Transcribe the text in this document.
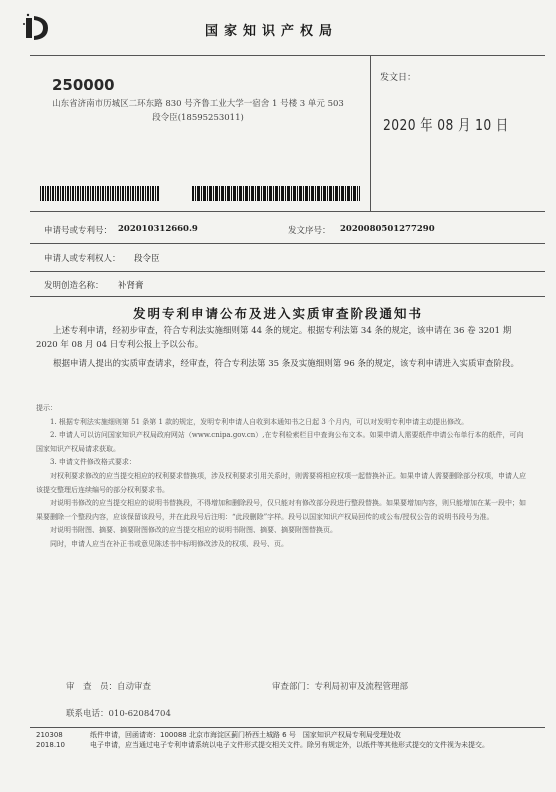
国家知识产权局
250000
山东省济南市历城区二环东路 830 号齐鲁工业大学一宿舍 1 号楼 3 单元 503
段令臣(18595253011)
发文日：
2020 年 08 月 10 日
申请号或专利号： 202010312660.9	发文序号： 2020080501277290
申请人或专利权人： 段令臣
发明创造名称： 补肾膏
发明专利申请公布及进入实质审查阶段通知书
上述专利申请，经初步审查，符合专利法实施细则第 44 条的规定。根据专利法第 34 条的规定，该申请在 36 卷 3201 期 2020 年 08 月 04 日专利公报上予以公布。
根据申请人提出的实质审查请求，经审查，符合专利法第 35 条及实施细则第 96 条的规定，该专利申请进入实质审查阶段。

提示：

1. 根据专利法实施细则第 51 条第 1 款的规定，发明专利申请人自收到本通知书之日起 3 个月内，可以对发明专利申请主动提出修改。

2. 申请人可以访问国家知识产权局政府网站（www.cnipa.gov.cn）,在专利检索栏目中查询公布文本。如果申请人需要纸件申请公布单行本的纸件，可向国家知识产权局请求获取。

3. 申请文件修改格式要求：

对权利要求修改的应当提交相应的权利要求替换项，涉及权利要求引用关系时，则需要将相应权项一起替换补正。如果申请人需要删除部分权项，申请人应该提交整理后连续编号的部分权利要求书。

对说明书修改的应当提交相应的说明书替换段，不得增加和删除段号，仅只能对有修改部分段进行整段替换。如果要增加内容，则只能增加在某一段中；如果要删除一个整段内容，应该保留该段号，并在此段号后注明：“此段删除”字样。段号以国家知识产权局回传的或公布/授权公告的说明书段号为准。

对说明书附图、摘要、摘要附图修改的应当提交相应的说明书附图、摘要、摘要附图替换页。

同时，申请人应当在补正书或意见陈述书中标明修改涉及的权项、段号、页。

审　查　员：自动审查	审查部门：专利局初审及流程管理部
联系电话：010-62084704
210308
2018.10
纸件申请，回函请寄：100088 北京市海淀区蓟门桥西土城路 6 号　国家知识产权局专利局受理处收
电子申请，应当通过电子专利申请系统以电子文件形式提交相关文件。除另有规定外，以纸件等其他形式提交的文件视为未提交。
